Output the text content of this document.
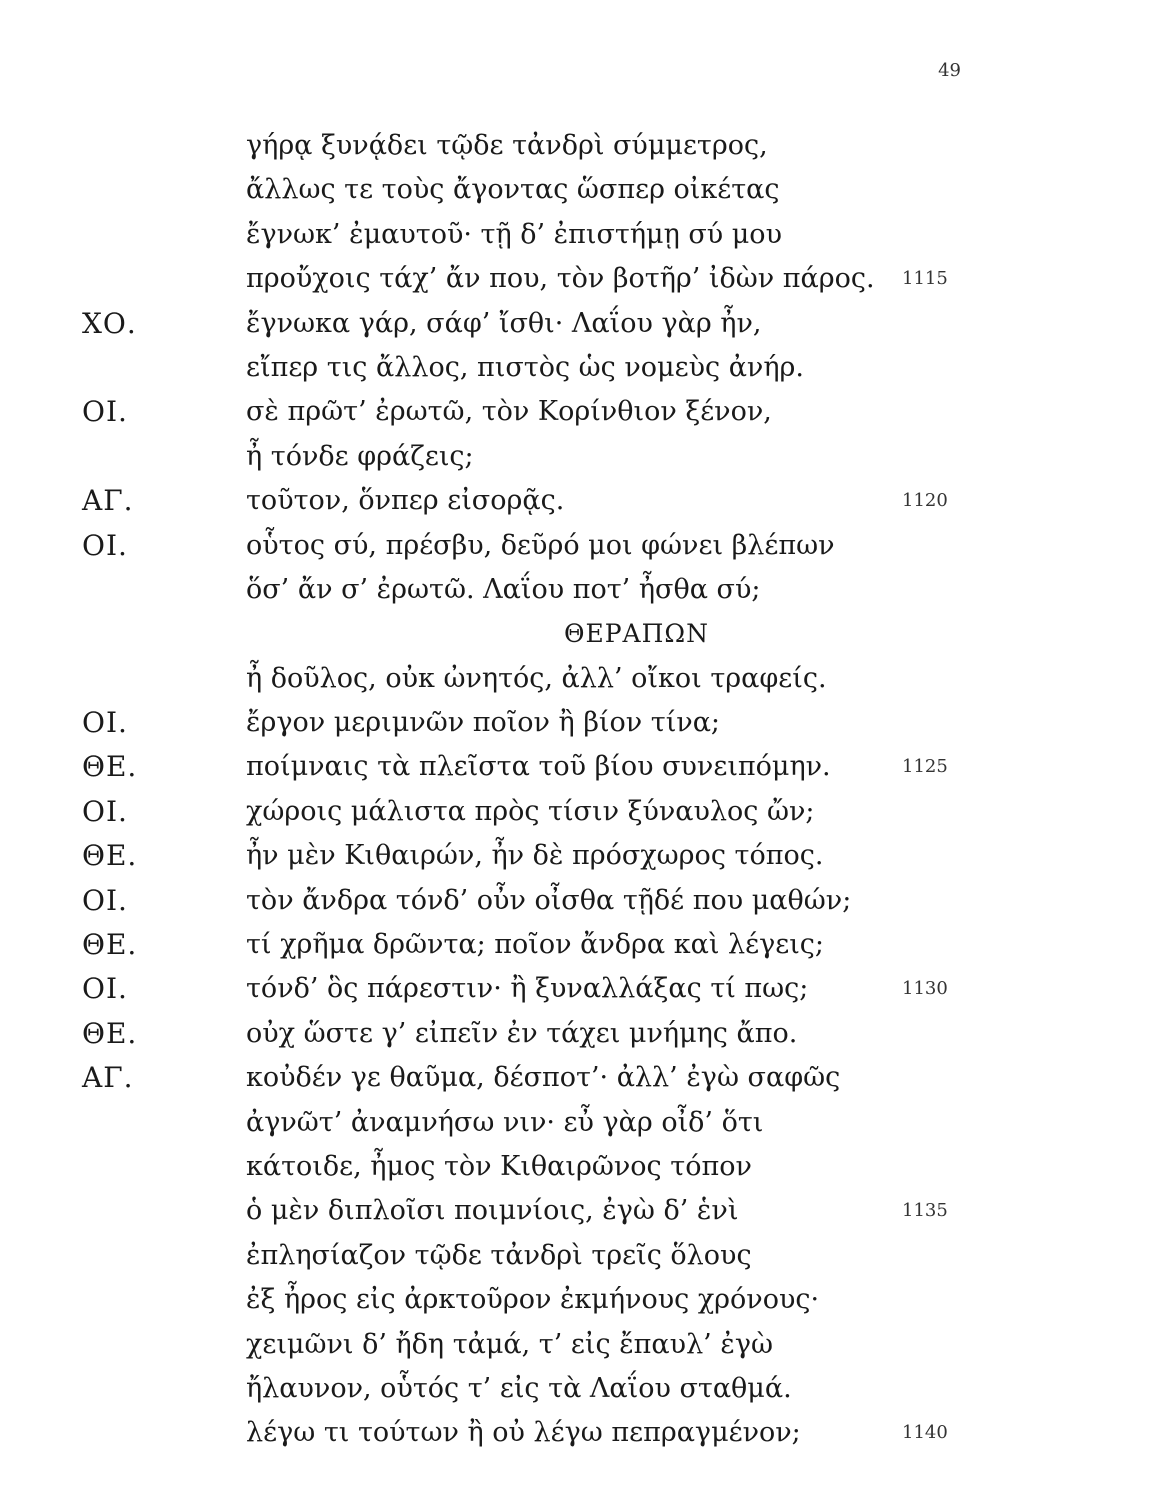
49
γήρᾳ ξυνᾴδει τῷδε τἀνδρὶ σύμμετρος,
ἄλλως τε τοὺς ἄγοντας ὥσπερ οἰκέτας
ἔγνωκ’ ἐμαυτοῦ· τῇ δ’ ἐπιστήμῃ σύ μου
προὔχοις τάχ’ ἄν που, τὸν βοτῆρ’ ἰδὼν πάρος. 1115
ΧΟ.	ἔγνωκα γάρ, σάφ’ ἴσθι· Λαΐου γὰρ ἦν,
εἴπερ τις ἄλλος, πιστὸς ὡς νομεὺς ἀνήρ.
ΟΙ.	σὲ πρῶτ’ ἐρωτῶ, τὸν Κορίνθιον ξένον,
ἦ τόνδε φράζεις;
ΑΓ.	τοῦτον, ὅνπερ εἰσορᾷς.	1120
ΟΙ.	οὗτος σύ, πρέσβυ, δεῦρό μοι φώνει βλέπων
ὅσ’ ἄν σ’ ἐρωτῶ. Λαΐου ποτ’ ἦσθα σύ;
ΘΕΡΑΠΩΝ
ἦ δοῦλος, οὐκ ὠνητός, ἀλλ’ οἴκοι τραφείς.
ΟΙ.	ἔργον μεριμνῶν ποῖον ἢ βίον τίνα;
ΘΕ.	ποίμναις τὰ πλεῖστα τοῦ βίου συνειπόμην.	1125
ΟΙ.	χώροις μάλιστα πρὸς τίσιν ξύναυλος ὤν;
ΘΕ.	ἦν μὲν Κιθαιρών, ἦν δὲ πρόσχωρος τόπος.
ΟΙ.	τὸν ἄνδρα τόνδ’ οὖν οἶσθα τῇδέ που μαθών;
ΘΕ.	τί χρῆμα δρῶντα; ποῖον ἄνδρα καὶ λέγεις;
ΟΙ.	τόνδ’ ὃς πάρεστιν· ἢ ξυναλλάξας τί πως;	1130
ΘΕ.	οὐχ ὥστε γ’ εἰπεῖν ἐν τάχει μνήμης ἄπο.
ΑΓ.	κοὐδέν γε θαῦμα, δέσποτ’· ἀλλ’ ἐγὼ σαφῶς
ἀγνῶτ’ ἀναμνήσω νιν· εὖ γὰρ οἶδ’ ὅτι
κάτοιδε, ἦμος τὸν Κιθαιρῶνος τόπον
ὁ μὲν διπλοῖσι ποιμνίοις, ἐγὼ δ’ ἑνὶ	1135
ἐπλησίαζον τῷδε τἀνδρὶ τρεῖς ὅλους
ἐξ ἦρος εἰς ἀρκτοῦρον ἐκμήνους χρόνους·
χειμῶνι δ’ ἤδη τἀμά, τ’ εἰς ἔπαυλ’ ἐγὼ
ἤλαυνον, οὗτός τ’ εἰς τὰ Λαΐου σταθμά.
λέγω τι τούτων ἢ οὐ λέγω πεπραγμένον;	1140
